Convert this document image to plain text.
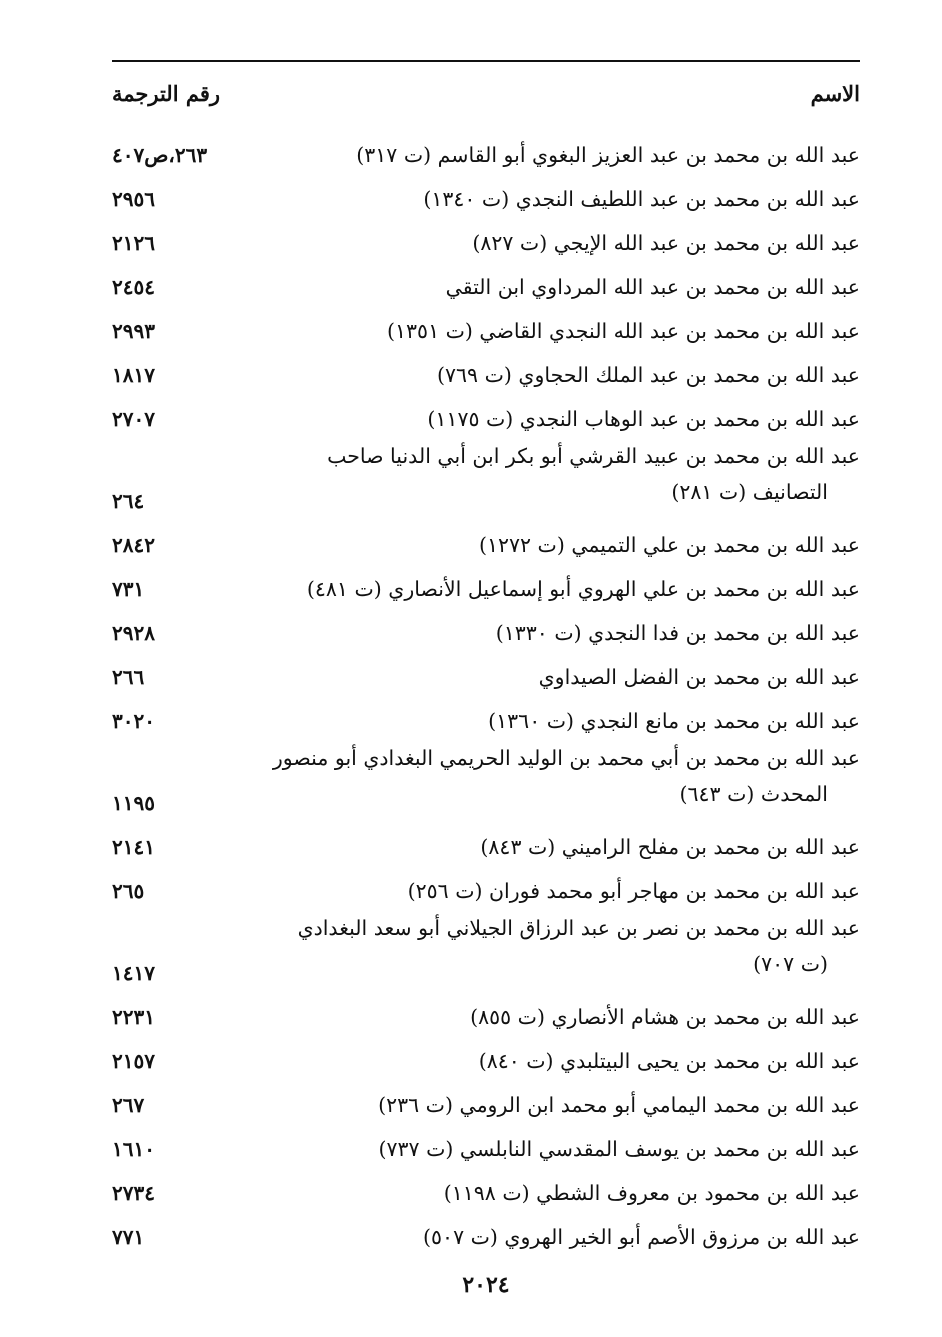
الاسم
رقم الترجمة
عبد الله بن محمد بن عبد العزيز البغوي أبو القاسم (ت ٣١٧)
٢٦٣،ص٤٠٧
عبد الله بن محمد بن عبد اللطيف النجدي (ت ١٣٤٠)
٢٩٥٦
عبد الله بن محمد بن عبد الله الإيجي (ت ٨٢٧)
٢١٢٦
عبد الله بن محمد بن عبد الله المرداوي ابن التقي
٢٤٥٤
عبد الله بن محمد بن عبد الله النجدي القاضي (ت ١٣٥١)
٢٩٩٣
عبد الله بن محمد بن عبد الملك الحجاوي (ت ٧٦٩)
١٨١٧
عبد الله بن محمد بن عبد الوهاب النجدي (ت ١١٧٥)
٢٧٠٧
عبد الله بن محمد بن عبيد القرشي أبو بكر ابن أبي الدنيا صاحب
التصانيف (ت ٢٨١)
٢٦٤
عبد الله بن محمد بن علي التميمي (ت ١٢٧٢)
٢٨٤٢
عبد الله بن محمد بن علي الهروي أبو إسماعيل الأنصاري (ت ٤٨١)
٧٣١
عبد الله بن محمد بن فدا النجدي (ت ١٣٣٠)
٢٩٢٨
عبد الله بن محمد بن الفضل الصيداوي
٢٦٦
عبد الله بن محمد بن مانع النجدي (ت ١٣٦٠)
٣٠٢٠
عبد الله بن محمد بن أبي محمد بن الوليد الحريمي البغدادي أبو منصور
المحدث (ت ٦٤٣)
١١٩٥
عبد الله بن محمد بن مفلح الراميني (ت ٨٤٣)
٢١٤١
عبد الله بن محمد بن مهاجر أبو محمد فوران (ت ٢٥٦)
٢٦٥
عبد الله بن محمد بن نصر بن عبد الرزاق الجيلاني أبو سعد البغدادي
(ت ٧٠٧)
١٤١٧
عبد الله بن محمد بن هشام الأنصاري (ت ٨٥٥)
٢٢٣١
عبد الله بن محمد بن يحيى البيتلبدي (ت ٨٤٠)
٢١٥٧
عبد الله بن محمد اليمامي أبو محمد ابن الرومي (ت ٢٣٦)
٢٦٧
عبد الله بن محمد بن يوسف المقدسي النابلسي (ت ٧٣٧)
١٦١٠
عبد الله بن محمود بن معروف الشطي (ت ١١٩٨)
٢٧٣٤
عبد الله بن مرزوق الأصم أبو الخير الهروي (ت ٥٠٧)
٧٧١
٢٠٢٤
